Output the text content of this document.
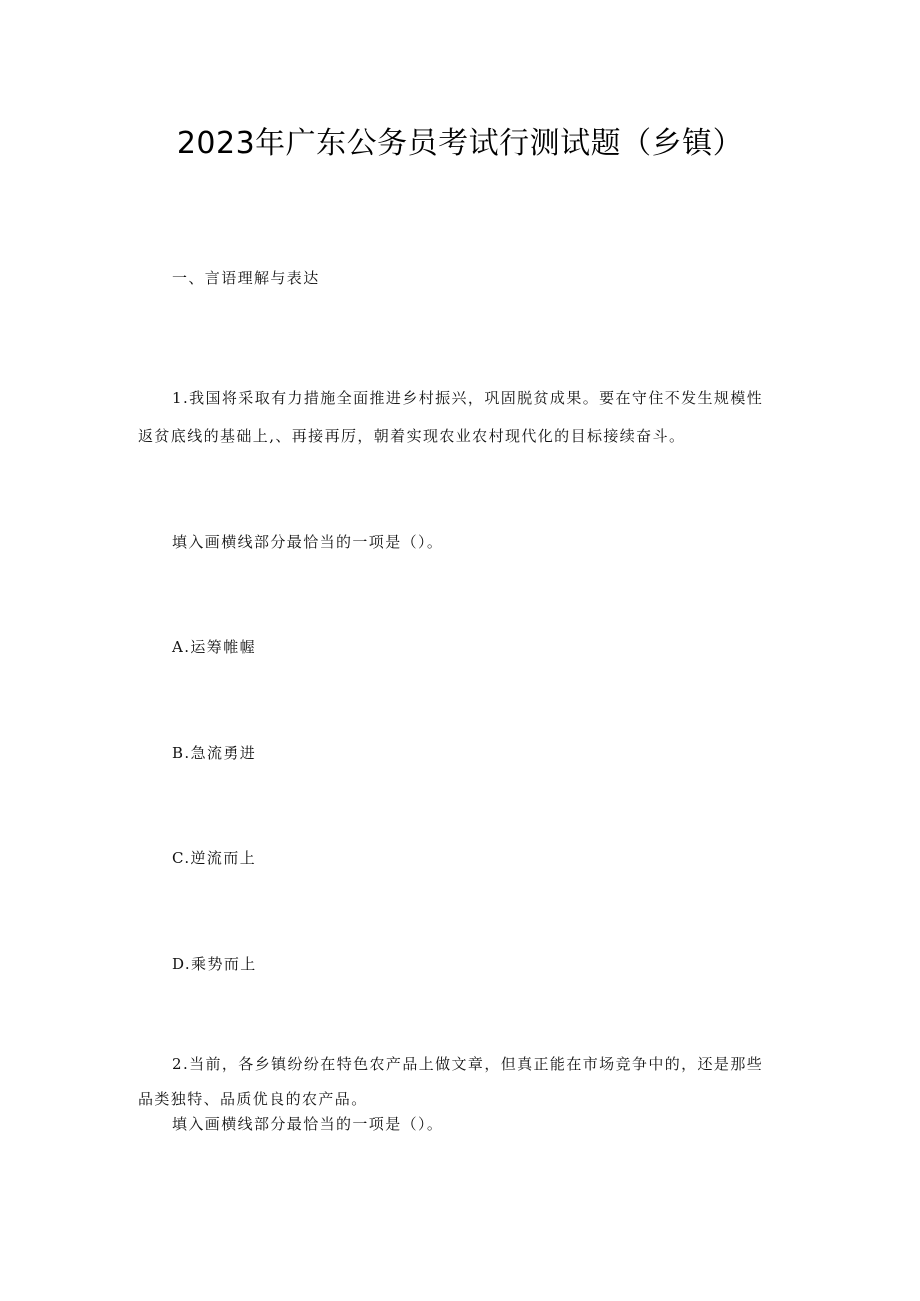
2023年广东公务员考试行测试题（乡镇）
一、言语理解与表达
1.我国将采取有力措施全面推进乡村振兴，巩固脱贫成果。要在守住不发生规模性
返贫底线的基础上,、再接再厉，朝着实现农业农村现代化的目标接续奋斗。
填入画横线部分最恰当的一项是（）。
A.运筹帷幄
B.急流勇进
C.逆流而上
D.乘势而上
2.当前，各乡镇纷纷在特色农产品上做文章，但真正能在市场竞争中的，还是那些
品类独特、品质优良的农产品。
填入画横线部分最恰当的一项是（）。
